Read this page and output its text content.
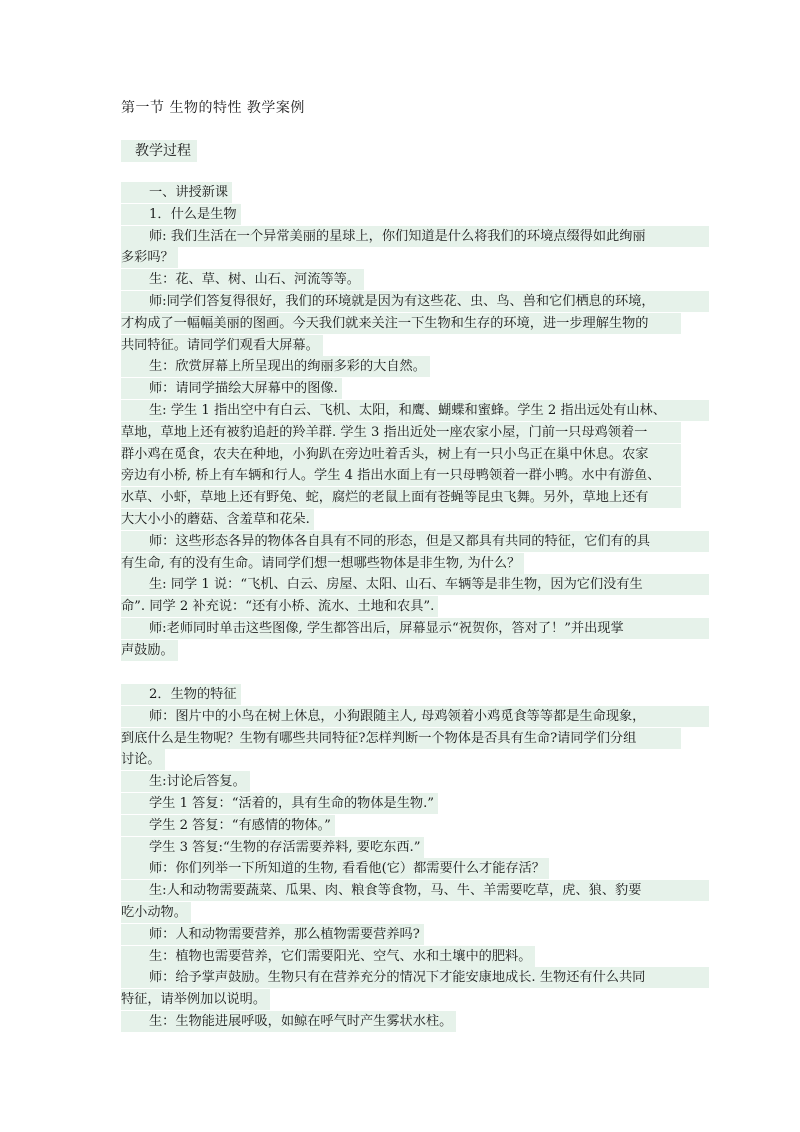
第一节 生物的特性 教学案例
教学过程
一、讲授新课
1．什么是生物
师: 我们生活在一个异常美丽的星球上，你们知道是什么将我们的环境点缀得如此绚丽
多彩吗？
生：花、草、树、山石、河流等等。
师:同学们答复得很好，我们的环境就是因为有这些花、虫、鸟、兽和它们栖息的环境，
才构成了一幅幅美丽的图画。今天我们就来关注一下生物和生存的环境，进一步理解生物的
共同特征。请同学们观看大屏幕。
生：欣赏屏幕上所呈现出的绚丽多彩的大自然。
师：请同学描绘大屏幕中的图像.
生: 学生 1 指出空中有白云、飞机、太阳，和鹰、蝴蝶和蜜蜂。学生 2 指出远处有山林、
草地，草地上还有被豹追赶的羚羊群. 学生 3 指出近处一座农家小屋，门前一只母鸡领着一
群小鸡在觅食，农夫在种地，小狗趴在旁边吐着舌头，树上有一只小鸟正在巢中休息。农家
旁边有小桥, 桥上有车辆和行人。学生 4 指出水面上有一只母鸭领着一群小鸭。水中有游鱼、
水草、小虾，草地上还有野兔、蛇，腐烂的老鼠上面有苍蝇等昆虫飞舞。另外，草地上还有
大大小小的蘑菇、含羞草和花朵.
师：这些形态各异的物体各自具有不同的形态，但是又都具有共同的特征，它们有的具
有生命, 有的没有生命。请同学们想一想哪些物体是非生物, 为什么？
生: 同学 1 说：“飞机、白云、房屋、太阳、山石、车辆等是非生物，因为它们没有生
命”. 同学 2 补充说：“还有小桥、流水、土地和农具”.
师:老师同时单击这些图像, 学生都答出后，屏幕显示“祝贺你，答对了！”并出现掌
声鼓励。
2．生物的特征
师：图片中的小鸟在树上休息，小狗跟随主人, 母鸡领着小鸡觅食等等都是生命现象，
到底什么是生物呢？生物有哪些共同特征?怎样判断一个物体是否具有生命?请同学们分组
讨论。
生:讨论后答复。
学生 1 答复：“活着的，具有生命的物体是生物.”
学生 2 答复：“有感情的物体。”
学生 3 答复:“生物的存活需要养料, 要吃东西.”
师：你们列举一下所知道的生物, 看看他(它）都需要什么才能存活？
生:人和动物需要蔬菜、瓜果、肉、粮食等食物，马、牛、羊需要吃草，虎、狼、豹要
吃小动物。
师：人和动物需要营养，那么植物需要营养吗?
生：植物也需要营养，它们需要阳光、空气、水和土壤中的肥料。
师：给予掌声鼓励。生物只有在营养充分的情况下才能安康地成长. 生物还有什么共同
特征，请举例加以说明。
生：生物能进展呼吸，如鲸在呼气时产生雾状水柱。
